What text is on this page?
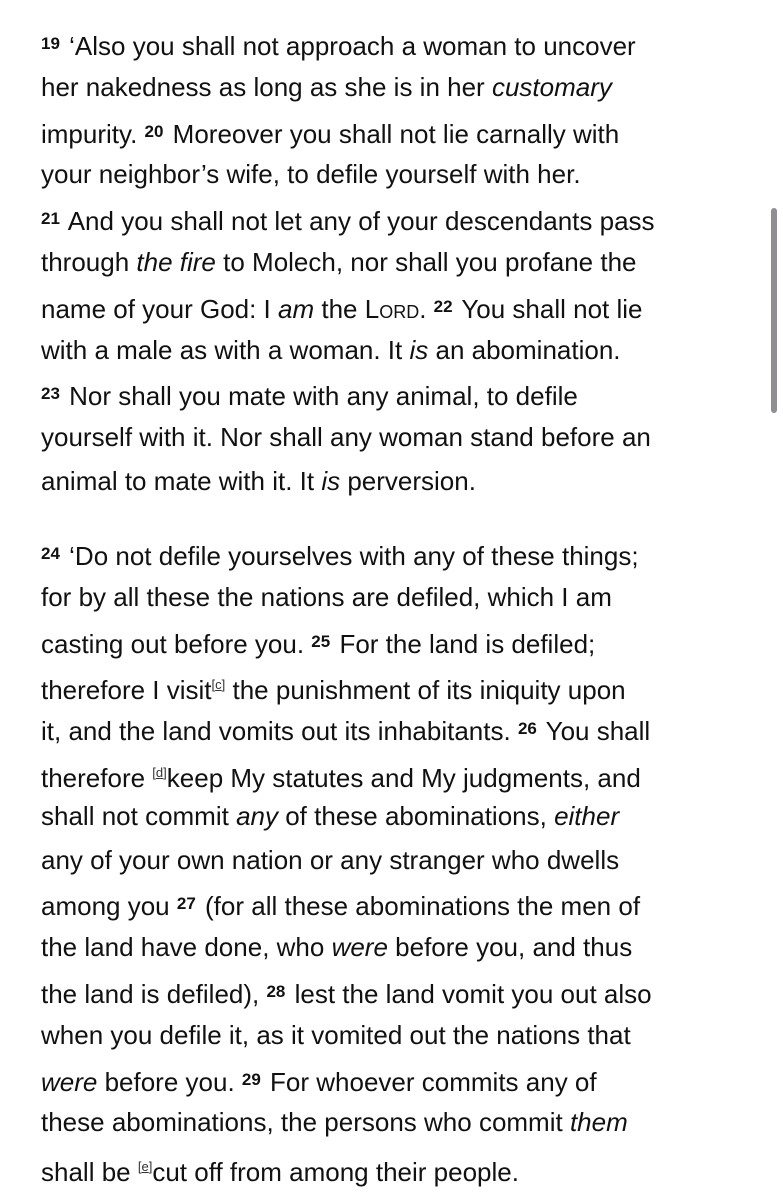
$^{19}$ ‘Also you shall not approach a woman to uncover
her nakedness as long as she is in her customary
impurity. $^{20}$ Moreover you shall not lie carnally with
your neighbor’s wife, to defile yourself with her.
$^{21}$ And you shall not let any of your descendants pass
through the fire to Molech, nor shall you profane the
name of your God: I am the Lord. $^{22}$ You shall not lie
with a male as with a woman. It is an abomination.
$^{23}$ Nor shall you mate with any animal, to defile
yourself with it. Nor shall any woman stand before an
animal to mate with it. It is perversion.
$^{24}$ ‘Do not defile yourselves with any of these things;
for by all these the nations are defiled, which I am
casting out before you. $^{25}$ For the land is defiled;
therefore I visit[c] the punishment of its iniquity upon
it, and the land vomits out its inhabitants. $^{26}$ You shall
therefore [d]keep My statutes and My judgments, and
shall not commit any of these abominations, either
any of your own nation or any stranger who dwells
among you $^{27}$ (for all these abominations the men of
the land have done, who were before you, and thus
the land is defiled), $^{28}$ lest the land vomit you out also
when you defile it, as it vomited out the nations that
were before you. $^{29}$ For whoever commits any of
these abominations, the persons who commit them
shall be [e]cut off from among their people.
